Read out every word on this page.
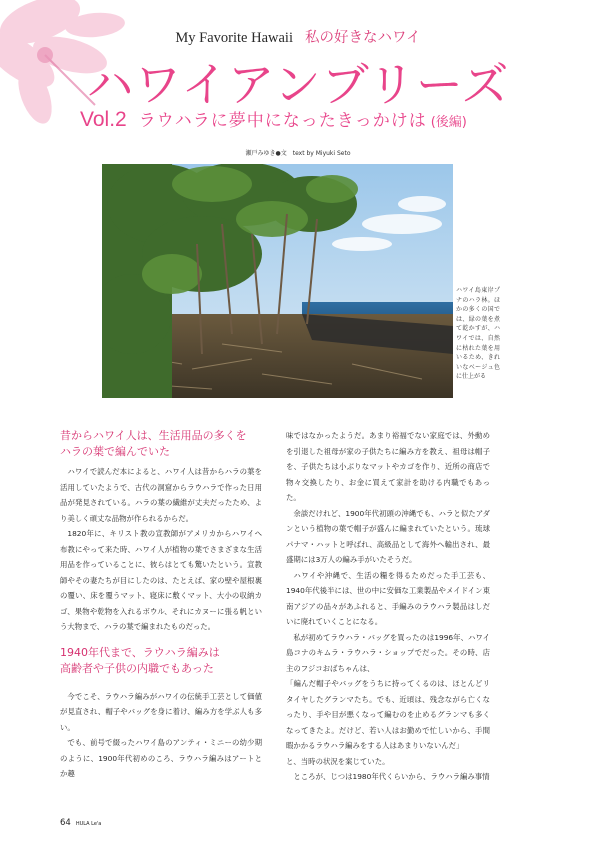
My Favorite Hawaii 私の好きなハワイ
ハワイアンブリーズ
Vol.2 ラウハラに夢中になったきっかけは (後編)
瀬戸みゆき●文 text by Miyuki Seto
ハワイ島東岸プナのハラ林。ほかの多くの国では、緑の葉を煮て乾かすが、ハワイでは、自然に枯れた葉を用いるため、きれいなベージュ色に仕上がる
昔からハワイ人は、生活用品の多くを
ハラの葉で編んでいた

ハワイで読んだ本によると、ハワイ人は昔からハラの葉を活用していたようで、古代の洞窟からラウハラで作った日用品が発見されている。ハラの葉の繊維が丈夫だったため、より美しく頑丈な品物が作られるからだ。

1820年に、キリスト教の宣教師がアメリカからハワイへ布教にやって来た時、ハワイ人が植物の葉でさまざまな生活用品を作っていることに、彼らはとても驚いたという。宣教師やその妻たちが目にしたのは、たとえば、家の壁や屋根裏の覆い、床を覆うマット、寝床に敷くマット、大小の収納カゴ、果物や乾物を入れるボウル、それにカヌーに張る帆という大物まで、ハラの葉で編まれたものだった。

1940年代まで、ラウハラ編みは
高齢者や子供の内職でもあった

今でこそ、ラウハラ編みがハワイの伝統手工芸として価値が見直され、帽子やバッグを身に着け、編み方を学ぶ人も多い。

でも、前号で綴ったハワイ島のアンティ・ミニーの幼少期のように、1900年代初めのころ、ラウハラ編みはアートとか趣

味ではなかったようだ。あまり裕福でない家庭では、外動めを引退した祖母が家の子供たちに編み方を教え、祖母は帽子を、子供たちは小ぶりなマットやカゴを作り、近所の商店で物々交換したり、お金に買えて家計を助ける内職でもあった。

余談だけれど、1900年代初頭の沖縄でも、ハラと似たアダンという植物の葉で帽子が盛んに編まれていたという。琉球パナマ・ハットと呼ばれ、高級品として海外へ輸出され、最盛期には3万人の編み手がいたそうだ。

ハワイや沖縄で、生活の糧を得るためだった手工芸も、1940年代後半には、世の中に安価な工業製品やメイドイン東南アジアの品々があふれると、手編みのラウハラ製品はしだいに廃れていくことになる。

私が初めてラウハラ・バッグを買ったのは1996年、ハワイ島コナのキムラ・ラウハラ・ショップでだった。その時、店主のフジコおばちゃんは、

「編んだ帽子やバッグをうちに持ってくるのは、ほとんどリタイヤしたグランマたち。でも、近頃は、残念ながら亡くなったり、手や目が悪くなって編むのを止めるグランマも多くなってきたよ。だけど、若い人はお勤めで忙しいから、手間暇かかるラウハラ編みをする人はあまりいないんだ」

と、当時の状況を案じていた。

ところが、じつは1980年代くらいから、ラウハラ編み事情

64 HULA Le'a
